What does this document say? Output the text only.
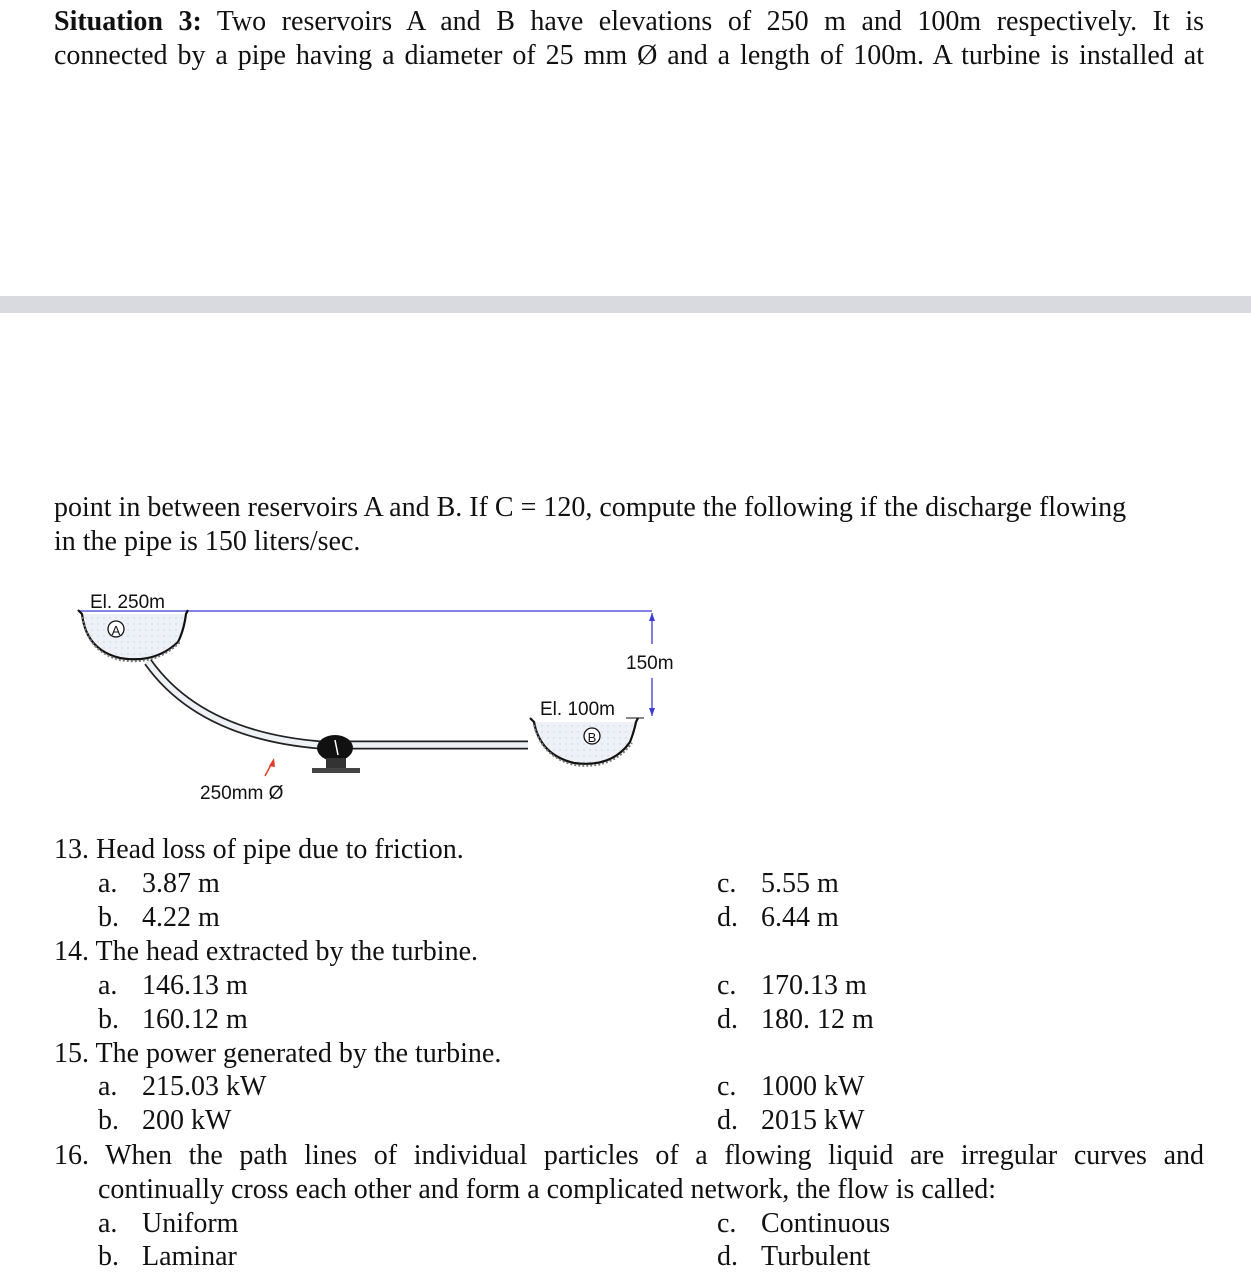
Situation 3: Two reservoirs A and B have elevations of 250 m and 100m respectively. It is
connected by a pipe having a diameter of 25 mm Ø and a length of 100m. A turbine is installed at
point in between reservoirs A and B. If C = 120, compute the following if the discharge flowing
in the pipe is 150 liters/sec.
A
El. 250m
B
El. 100m
150m
250mm Ø
13. Head loss of pipe due to friction.
a. 3.87 m
b. 4.22 m
c. 5.55 m
d. 6.44 m
14. The head extracted by the turbine.
a. 146.13 m
b. 160.12 m
c. 170.13 m
d. 180. 12 m
15. The power generated by the turbine.
a. 215.03 kW
b. 200 kW
c. 1000 kW
d. 2015 kW
16. When the path lines of individual particles of a flowing liquid are irregular curves and
continually cross each other and form a complicated network, the flow is called:
a. Uniform
b. Laminar
c. Continuous
d. Turbulent
